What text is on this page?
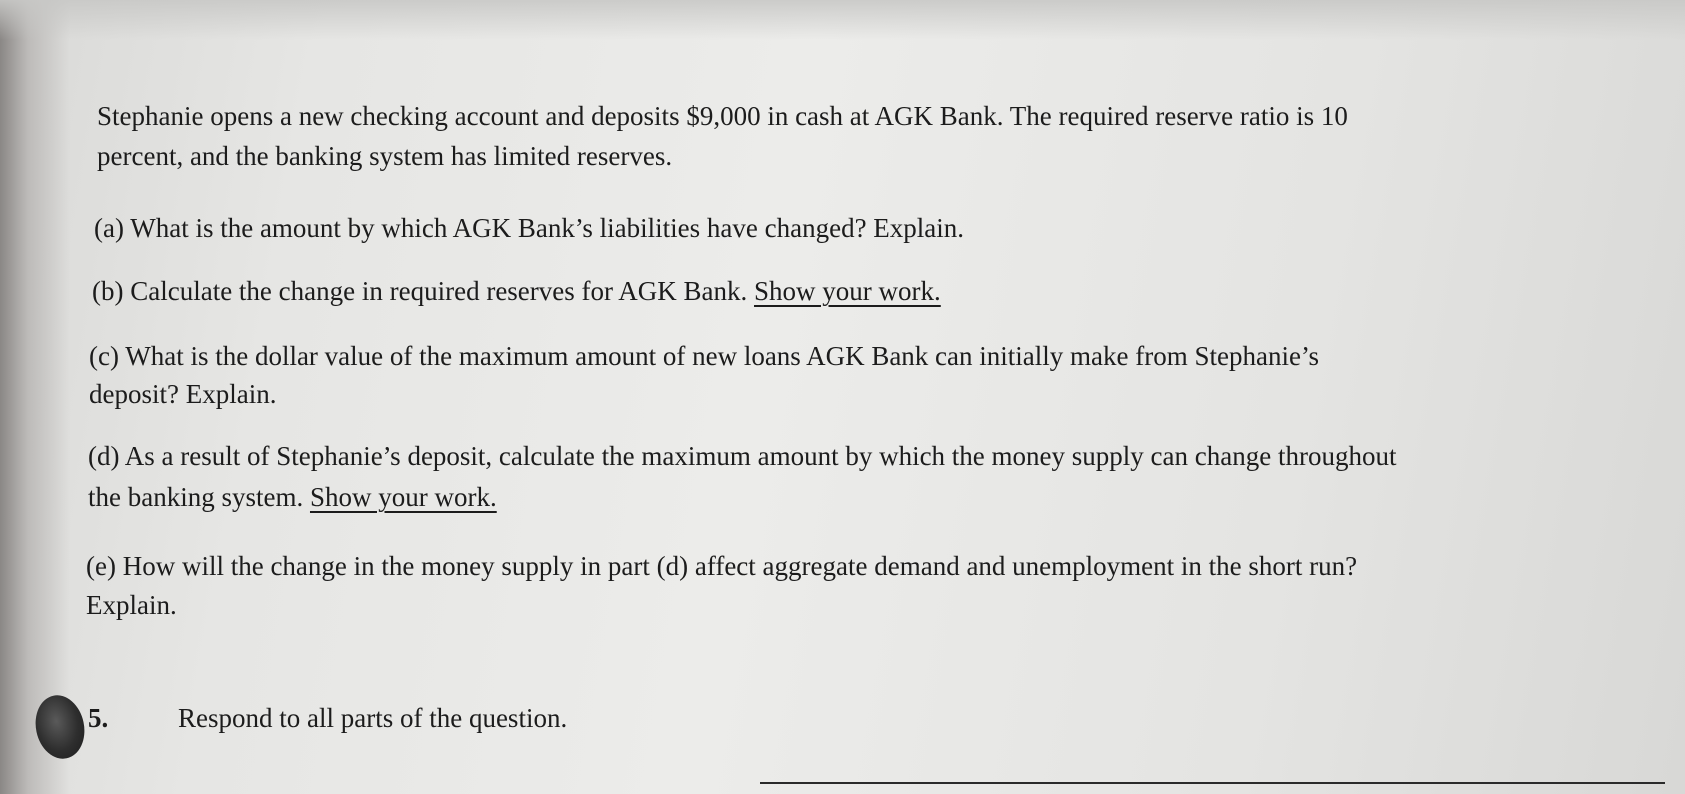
Stephanie opens a new checking account and deposits $9,000 in cash at AGK Bank. The required reserve ratio is 10
percent, and the banking system has limited reserves.
(a) What is the amount by which AGK Bank’s liabilities have changed? Explain.
(b) Calculate the change in required reserves for AGK Bank. Show your work.
(c) What is the dollar value of the maximum amount of new loans AGK Bank can initially make from Stephanie’s
deposit? Explain.
(d) As a result of Stephanie’s deposit, calculate the maximum amount by which the money supply can change throughout
the banking system. Show your work.
(e) How will the change in the money supply in part (d) affect aggregate demand and unemployment in the short run?
Explain.
5.	Respond to all parts of the question.
